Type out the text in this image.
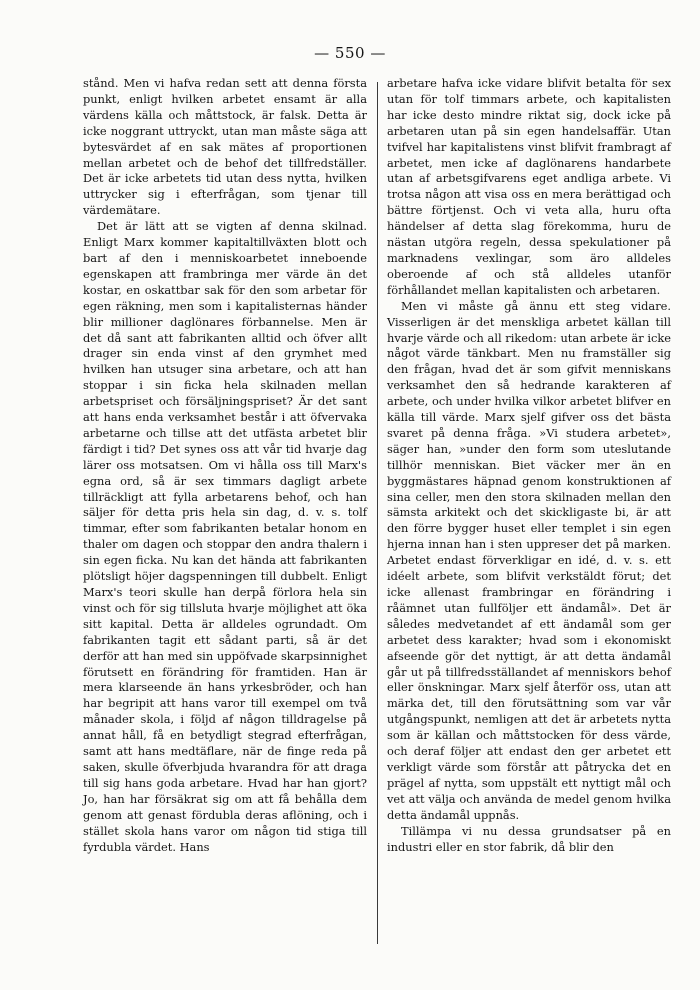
— 550 —

stånd. Men vi hafva redan sett att denna första punkt, enligt hvilken arbetet ensamt är alla värdens källa och måttstock, är falsk. Detta är icke noggrant uttryckt, utan man måste säga att bytesvärdet af en sak mätes af proportionen mellan arbetet och de behof det tillfredställer. Det är icke arbetets tid utan dess nytta, hvilken uttrycker sig i efterfrågan, som tjenar till värdemätare.

Det är lätt att se vigten af denna skilnad. Enligt Marx kommer kapitaltillväxten blott och bart af den i menniskoarbetet inneboende egenskapen att frambringa mer värde än det kostar, en oskattbar sak för den som arbetar för egen räkning, men som i kapitalisternas händer blir millioner daglönares förbannelse. Men är det då sant att fabrikanten alltid och öfver allt drager sin enda vinst af den grymhet med hvilken han utsuger sina arbetare, och att han stoppar i sin ficka hela skilnaden mellan arbetspriset och försäljningspriset? Är det sant att hans enda verksamhet består i att öfvervaka arbetarne och tillse att det utfästa arbetet blir färdigt i tid? Det synes oss att vår tid hvarje dag lärer oss motsatsen. Om vi hålla oss till Marx's egna ord, så är sex timmars dagligt arbete tillräckligt att fylla arbetarens behof, och han säljer för detta pris hela sin dag, d. v. s. tolf timmar, efter som fabrikanten betalar honom en thaler om dagen och stoppar den andra thalern i sin egen ficka. Nu kan det hända att fabrikanten plötsligt höjer dagspenningen till dubbelt. Enligt Marx's teori skulle han derpå förlora hela sin vinst och för sig tillsluta hvarje möjlighet att öka sitt kapital. Detta är alldeles ogrundadt. Om fabrikanten tagit ett sådant parti, så är det derför att han med sin uppöfvade skarpsinnighet förutsett en förändring för framtiden. Han är mera klarseende än hans yrkesbröder, och han har begripit att hans varor till exempel om två månader skola, i följd af någon tilldragelse på annat håll, få en betydligt stegrad efterfrågan, samt att hans medtäflare, när de finge reda på saken, skulle öfverbjuda hvarandra för att draga till sig hans goda arbetare. Hvad har han gjort? Jo, han har försäkrat sig om att få behålla dem genom att genast fördubla deras aflöning, och i stället skola hans varor om någon tid stiga till fyrdubla värdet. Hans

arbetare hafva icke vidare blifvit betalta för sex utan för tolf timmars arbete, och kapitalisten har icke desto mindre riktat sig, dock icke på arbetaren utan på sin egen handelsaffär. Utan tvifvel har kapitalistens vinst blifvit frambragt af arbetet, men icke af daglönarens handarbete utan af arbetsgifvarens eget andliga arbete. Vi trotsa någon att visa oss en mera berättigad och bättre förtjenst. Och vi veta alla, huru ofta händelser af detta slag förekomma, huru de nästan utgöra regeln, dessa spekulationer på marknadens vexlingar, som äro alldeles oberoende af och stå alldeles utanför förhållandet mellan kapitalisten och arbetaren.

Men vi måste gå ännu ett steg vidare. Visserligen är det menskliga arbetet källan till hvarje värde och all rikedom: utan arbete är icke något värde tänkbart. Men nu framställer sig den frågan, hvad det är som gifvit menniskans verksamhet den så hedrande karakteren af arbete, och under hvilka vilkor arbetet blifver en källa till värde. Marx sjelf gifver oss det bästa svaret på denna fråga. »Vi studera arbetet», säger han, »under den form som uteslutande tillhör menniskan. Biet väcker mer än en byggmästares häpnad genom konstruktionen af sina celler, men den stora skilnaden mellan den sämsta arkitekt och det skickligaste bi, är att den förre bygger huset eller templet i sin egen hjerna innan han i sten uppreser det på marken. Arbetet endast förverkligar en idé, d. v. s. ett idéelt arbete, som blifvit verkstäldt förut; det icke allenast frambringar en förändring i råämnet utan fullföljer ett ändamål». Det är således medvetandet af ett ändamål som ger arbetet dess karakter; hvad som i ekonomiskt afseende gör det nyttigt, är att detta ändamål går ut på tillfredsställandet af menniskors behof eller önskningar. Marx sjelf återför oss, utan att märka det, till den förutsättning som var vår utgångspunkt, nemligen att det är arbetets nytta som är källan och måttstocken för dess värde, och deraf följer att endast den ger arbetet ett verkligt värde som förstår att påtrycka det en prägel af nytta, som uppstält ett nyttigt mål och vet att välja och använda de medel genom hvilka detta ändamål uppnås.

Tillämpa vi nu dessa grundsatser på en industri eller en stor fabrik, då blir den
